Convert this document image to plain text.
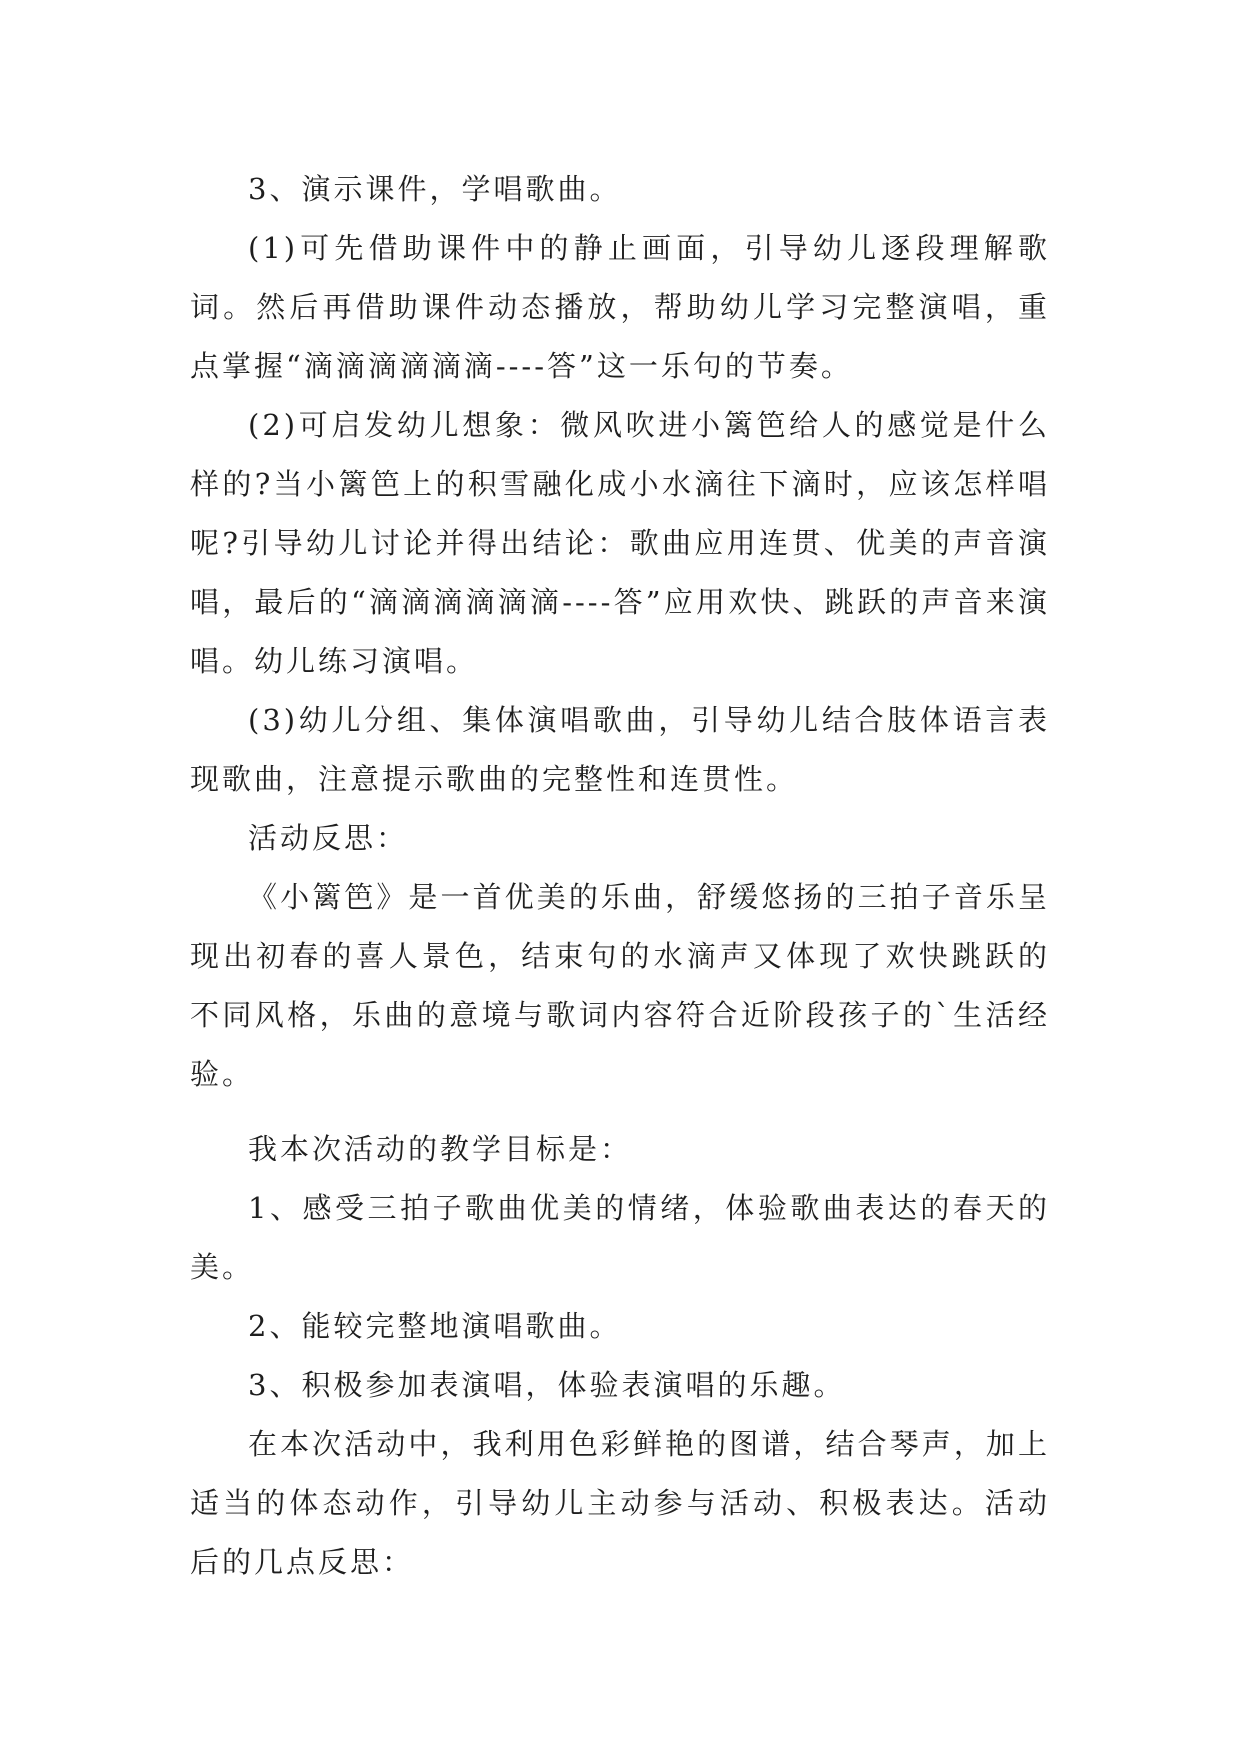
3、演示课件，学唱歌曲。

(1)可先借助课件中的静止画面，引导幼儿逐段理解歌词。然后再借助课件动态播放，帮助幼儿学习完整演唱，重点掌握“滴滴滴滴滴滴----答”这一乐句的节奏。

(2)可启发幼儿想象：微风吹进小篱笆给人的感觉是什么样的?当小篱笆上的积雪融化成小水滴往下滴时，应该怎样唱呢?引导幼儿讨论并得出结论：歌曲应用连贯、优美的声音演唱，最后的“滴滴滴滴滴滴----答”应用欢快、跳跃的声音来演唱。幼儿练习演唱。

(3)幼儿分组、集体演唱歌曲，引导幼儿结合肢体语言表现歌曲，注意提示歌曲的完整性和连贯性。

活动反思：

《小篱笆》是一首优美的乐曲，舒缓悠扬的三拍子音乐呈现出初春的喜人景色，结束句的水滴声又体现了欢快跳跃的不同风格，乐曲的意境与歌词内容符合近阶段孩子的`生活经验。

我本次活动的教学目标是：

1、感受三拍子歌曲优美的情绪，体验歌曲表达的春天的美。

2、能较完整地演唱歌曲。

3、积极参加表演唱，体验表演唱的乐趣。

在本次活动中，我利用色彩鲜艳的图谱，结合琴声，加上适当的体态动作，引导幼儿主动参与活动、积极表达。活动后的几点反思：
